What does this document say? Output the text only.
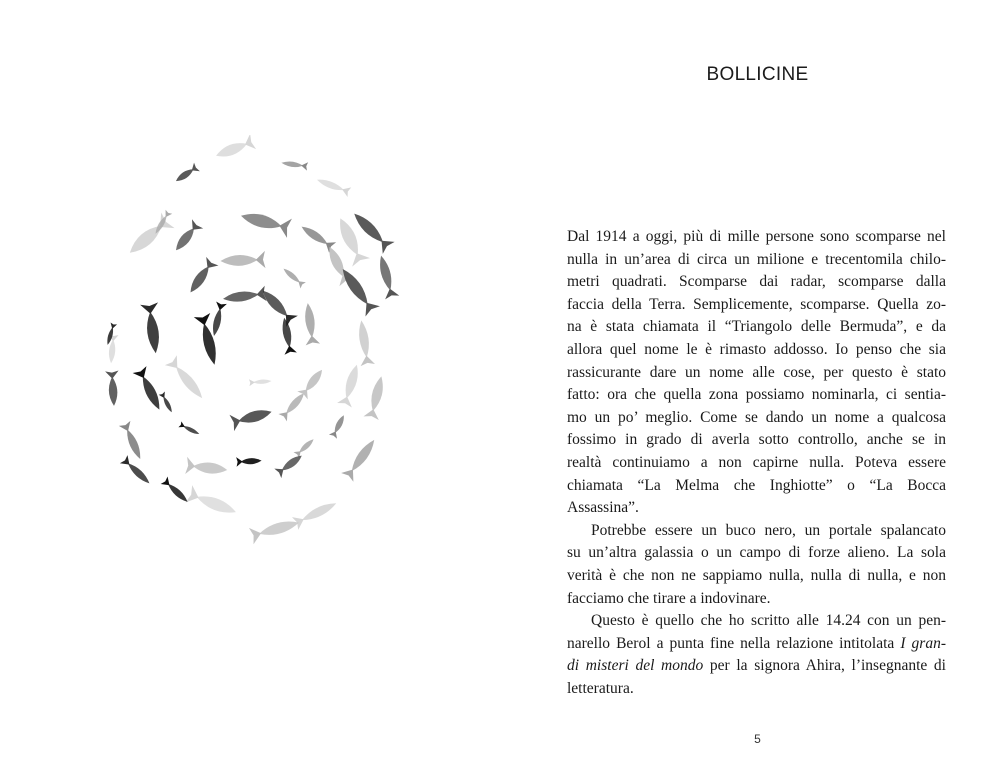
BOLLICINE

Dal 1914 a oggi, più di mille persone sono scomparse nel
nulla in un’area di circa un milione e trecentomila chilo-
metri quadrati. Scomparse dai radar, scomparse dalla
faccia della Terra. Semplicemente, scomparse. Quella zo-
na è stata chiamata il “Triangolo delle Bermuda”, e da
allora quel nome le è rimasto addosso. Io penso che sia
rassicurante dare un nome alle cose, per questo è stato
fatto: ora che quella zona possiamo nominarla, ci sentia-
mo un po’ meglio. Come se dando un nome a qualcosa
fossimo in grado di averla sotto controllo, anche se in
realtà continuiamo a non capirne nulla. Poteva essere
chiamata “La Melma che Inghiotte” o “La Bocca
Assassina”.

Potrebbe essere un buco nero, un portale spalancato
su un’altra galassia o un campo di forze alieno. La sola
verità è che non ne sappiamo nulla, nulla di nulla, e non
facciamo che tirare a indovinare.

Questo è quello che ho scritto alle 14.24 con un pen-
narello Berol a punta fine nella relazione intitolata I gran-
di misteri del mondo per la signora Ahira, l’insegnante di
letteratura.

5
